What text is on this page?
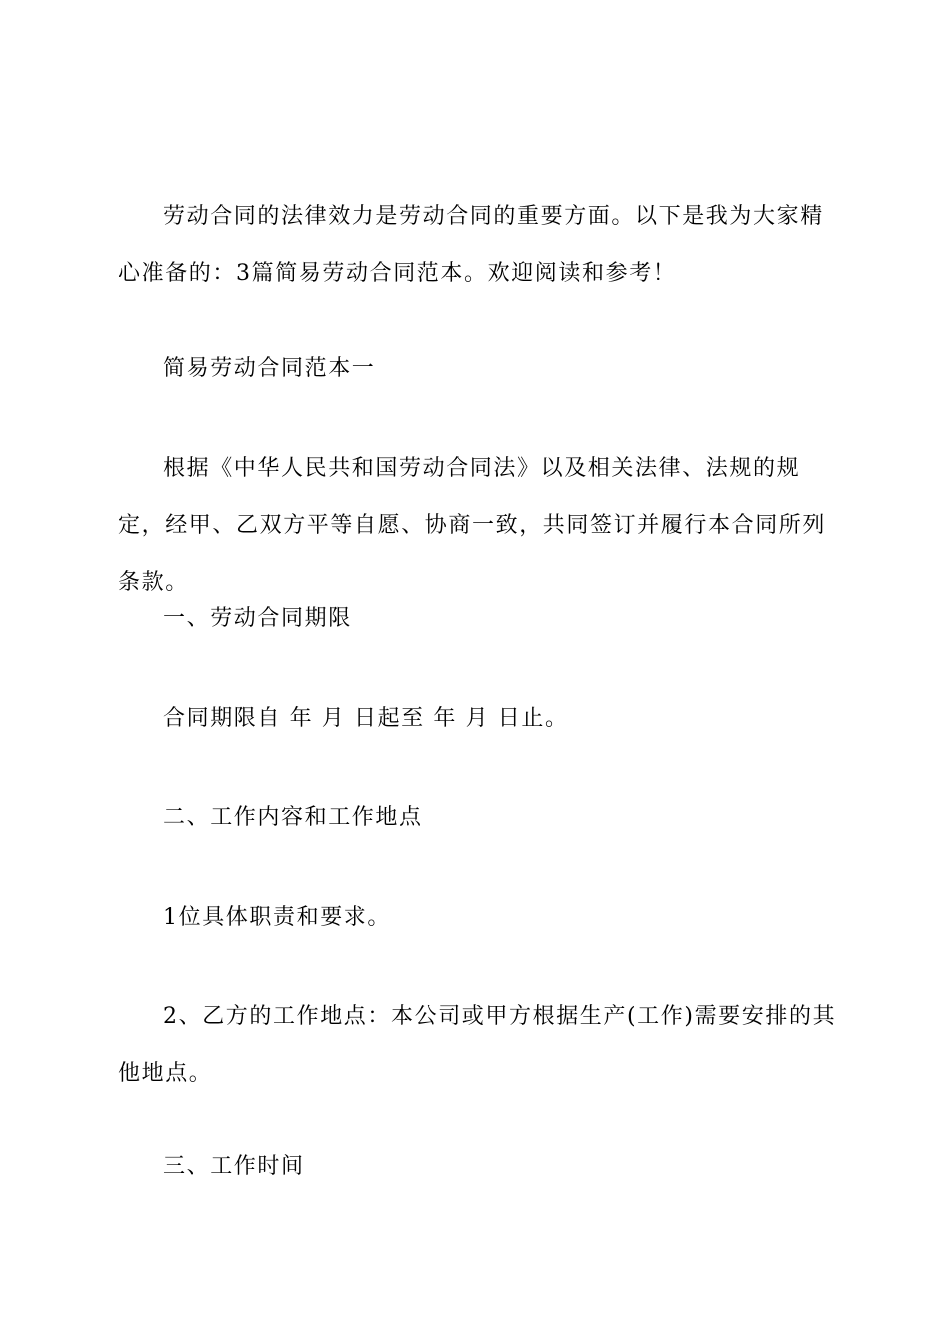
劳动合同的法律效力是劳动合同的重要方面。以下是我为大家精心准备的：3篇简易劳动合同范本。欢迎阅读和参考！

简易劳动合同范本一

根据《中华人民共和国劳动合同法》以及相关法律、法规的规定，经甲、乙双方平等自愿、协商一致，共同签订并履行本合同所列条款。

一、劳动合同期限

合同期限自 年 月 日起至 年 月 日止。

二、工作内容和工作地点

1位具体职责和要求。

2、乙方的工作地点：本公司或甲方根据生产(工作)需要安排的其他地点。

三、工作时间
